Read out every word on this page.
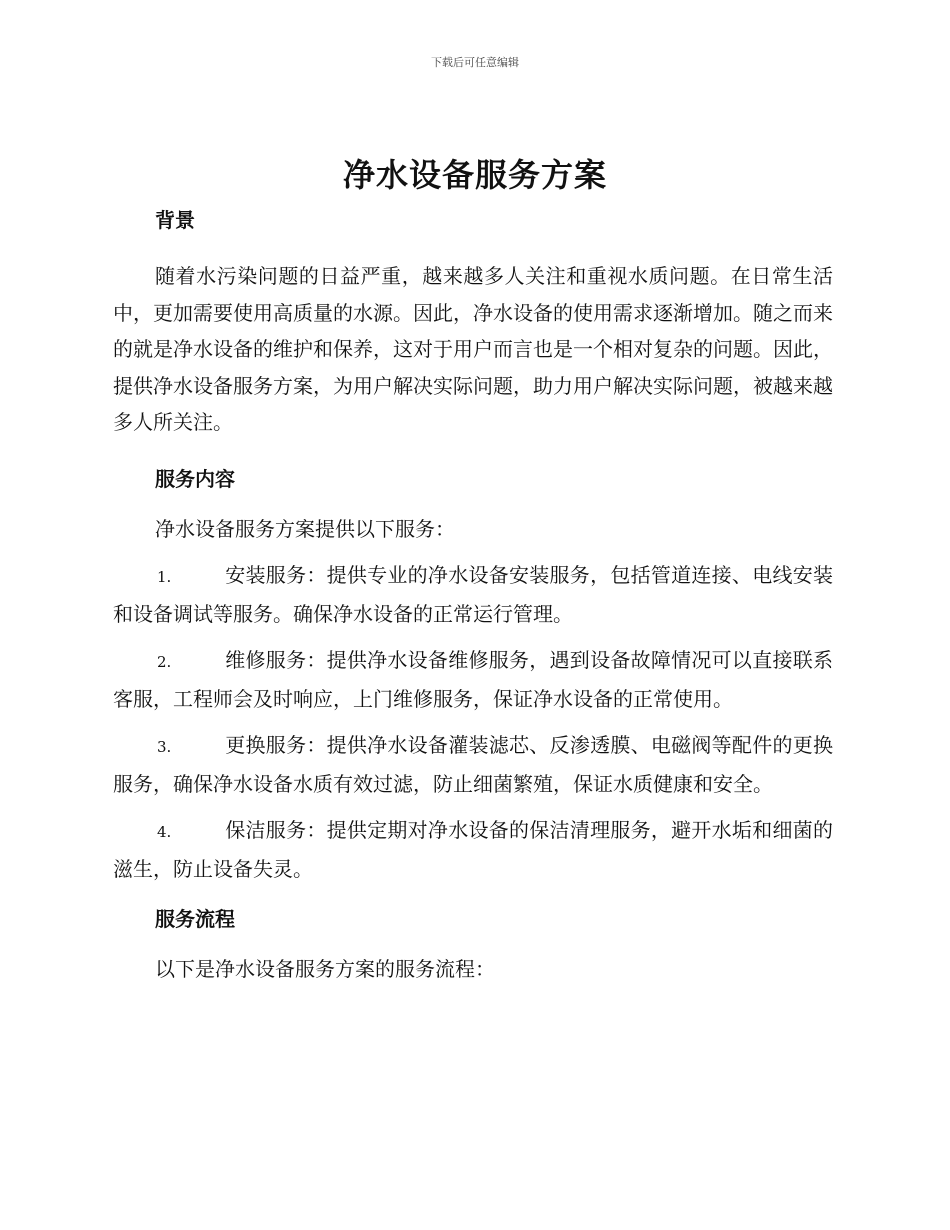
下载后可任意编辑
净水设备服务方案
背景

随着水污染问题的日益严重，越来越多人关注和重视水质问题。在日常生活中，更加需要使用高质量的水源。因此，净水设备的使用需求逐渐增加。随之而来的就是净水设备的维护和保养，这对于用户而言也是一个相对复杂的问题。因此，提供净水设备服务方案，为用户解决实际问题，助力用户解决实际问题，被越来越多人所关注。

服务内容

净水设备服务方案提供以下服务：

1.	安装服务：提供专业的净水设备安装服务，包括管道连接、电线安装和设备调试等服务。确保净水设备的正常运行管理。

2.	维修服务：提供净水设备维修服务，遇到设备故障情况可以直接联系客服，工程师会及时响应，上门维修服务，保证净水设备的正常使用。

3.	更换服务：提供净水设备灌装滤芯、反渗透膜、电磁阀等配件的更换服务，确保净水设备水质有效过滤，防止细菌繁殖，保证水质健康和安全。

4.	保洁服务：提供定期对净水设备的保洁清理服务，避开水垢和细菌的滋生，防止设备失灵。

服务流程

以下是净水设备服务方案的服务流程：
